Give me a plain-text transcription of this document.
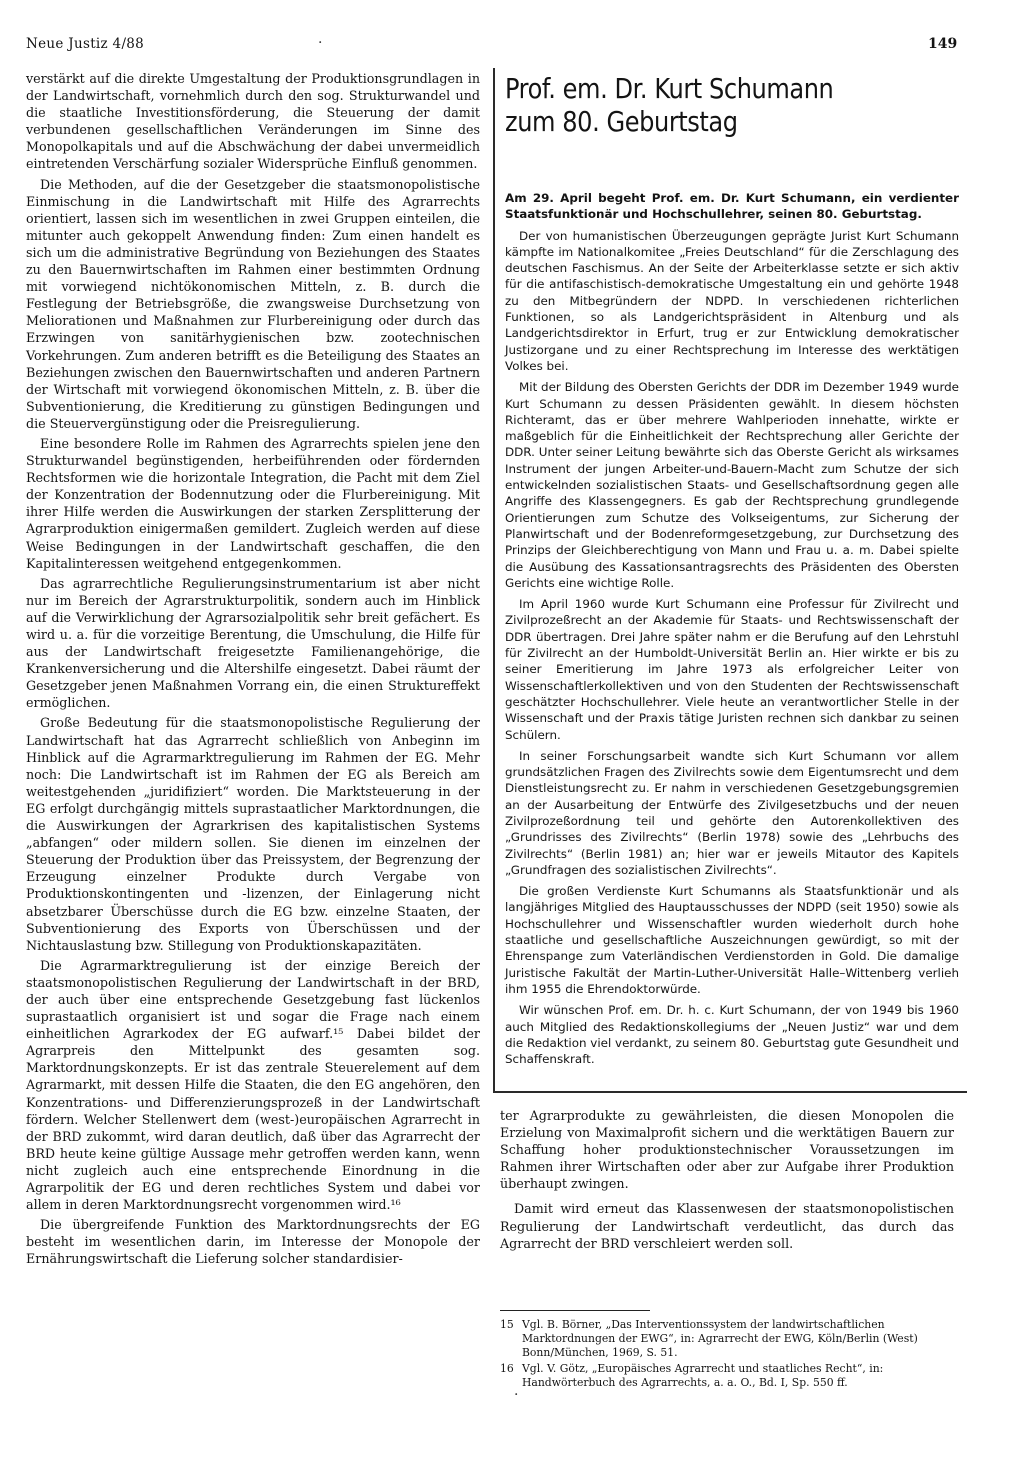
Neue Justiz 4/88	·	149

verstärkt auf die direkte Umgestaltung der Produktionsgrundlagen in der Landwirtschaft, vornehmlich durch den sog. Strukturwandel und die staatliche Investitionsförderung, die Steuerung der damit verbundenen gesellschaftlichen Veränderungen im Sinne des Monopolkapitals und auf die Abschwächung der dabei unvermeidlich eintretenden Verschärfung sozialer Widersprüche Einfluß genommen.

Die Methoden, auf die der Gesetzgeber die staatsmonopolistische Einmischung in die Landwirtschaft mit Hilfe des Agrarrechts orientiert, lassen sich im wesentlichen in zwei Gruppen einteilen, die mitunter auch gekoppelt Anwendung finden: Zum einen handelt es sich um die administrative Begründung von Beziehungen des Staates zu den Bauernwirtschaften im Rahmen einer bestimmten Ordnung mit vorwiegend nichtökonomischen Mitteln, z. B. durch die Festlegung der Betriebsgröße, die zwangsweise Durchsetzung von Meliorationen und Maßnahmen zur Flurbereinigung oder durch das Erzwingen von sanitärhygienischen bzw. zootechnischen Vorkehrungen. Zum anderen betrifft es die Beteiligung des Staates an Beziehungen zwischen den Bauernwirtschaften und anderen Partnern der Wirtschaft mit vorwiegend ökonomischen Mitteln, z. B. über die Subventionierung, die Kreditierung zu günstigen Bedingungen und die Steuervergünstigung oder die Preisregulierung.

Eine besondere Rolle im Rahmen des Agrarrechts spielen jene den Strukturwandel begünstigenden, herbeiführenden oder fördernden Rechtsformen wie die horizontale Integration, die Pacht mit dem Ziel der Konzentration der Bodennutzung oder die Flurbereinigung. Mit ihrer Hilfe werden die Auswirkungen der starken Zersplitterung der Agrarproduktion einigermaßen gemildert. Zugleich werden auf diese Weise Bedingungen in der Landwirtschaft geschaffen, die den Kapitalinteressen weitgehend entgegenkommen.

Das agrarrechtliche Regulierungsinstrumentarium ist aber nicht nur im Bereich der Agrarstrukturpolitik, sondern auch im Hinblick auf die Verwirklichung der Agrarsozialpolitik sehr breit gefächert. Es wird u. a. für die vorzeitige Berentung, die Umschulung, die Hilfe für aus der Landwirtschaft freigesetzte Familienangehörige, die Krankenversicherung und die Altershilfe eingesetzt. Dabei räumt der Gesetzgeber jenen Maßnahmen Vorrang ein, die einen Struktureffekt ermöglichen.

Große Bedeutung für die staatsmonopolistische Regulierung der Landwirtschaft hat das Agrarrecht schließlich von Anbeginn im Hinblick auf die Agrarmarktregulierung im Rahmen der EG. Mehr noch: Die Landwirtschaft ist im Rahmen der EG als Bereich am weitestgehenden „juridifiziert“ worden. Die Marktsteuerung in der EG erfolgt durchgängig mittels suprastaatlicher Marktordnungen, die die Auswirkungen der Agrarkrisen des kapitalistischen Systems „abfangen“ oder mildern sollen. Sie dienen im einzelnen der Steuerung der Produktion über das Preissystem, der Begrenzung der Erzeugung einzelner Produkte durch Vergabe von Produktionskontingenten und -lizenzen, der Einlagerung nicht absetzbarer Überschüsse durch die EG bzw. einzelne Staaten, der Subventionierung des Exports von Überschüssen und der Nichtauslastung bzw. Stillegung von Produktionskapazitäten.

Die Agrarmarktregulierung ist der einzige Bereich der staatsmonopolistischen Regulierung der Landwirtschaft in der BRD, der auch über eine entsprechende Gesetzgebung fast lückenlos suprastaatlich organisiert ist und sogar die Frage nach einem einheitlichen Agrarkodex der EG aufwarf.¹⁵ Dabei bildet der Agrarpreis den Mittelpunkt des gesamten sog. Marktordnungskonzepts. Er ist das zentrale Steuerelement auf dem Agrarmarkt, mit dessen Hilfe die Staaten, die den EG angehören, den Konzentrations- und Differenzierungsprozeß in der Landwirtschaft fördern. Welcher Stellenwert dem (west-)europäischen Agrarrecht in der BRD zukommt, wird daran deutlich, daß über das Agrarrecht der BRD heute keine gültige Aussage mehr getroffen werden kann, wenn nicht zugleich auch eine entsprechende Einordnung in die Agrarpolitik der EG und deren rechtliches System und dabei vor allem in deren Marktordnungsrecht vorgenommen wird.¹⁶

Die übergreifende Funktion des Marktordnungsrechts der EG besteht im wesentlichen darin, im Interesse der Monopole der Ernährungswirtschaft die Lieferung solcher standardisier-

Prof. em. Dr. Kurt Schumann
zum 80. Geburtstag

Am 29. April begeht Prof. em. Dr. Kurt Schumann, ein verdienter Staatsfunktionär und Hochschullehrer, seinen 80. Geburtstag.

Der von humanistischen Überzeugungen geprägte Jurist Kurt Schumann kämpfte im Nationalkomitee „Freies Deutschland“ für die Zerschlagung des deutschen Faschismus. An der Seite der Arbeiterklasse setzte er sich aktiv für die antifaschistisch-demokratische Umgestaltung ein und gehörte 1948 zu den Mitbegründern der NDPD. In verschiedenen richterlichen Funktionen, so als Landgerichtspräsident in Altenburg und als Landgerichtsdirektor in Erfurt, trug er zur Entwicklung demokratischer Justizorgane und zu einer Rechtsprechung im Interesse des werktätigen Volkes bei.

Mit der Bildung des Obersten Gerichts der DDR im Dezember 1949 wurde Kurt Schumann zu dessen Präsidenten gewählt. In diesem höchsten Richteramt, das er über mehrere Wahlperioden innehatte, wirkte er maßgeblich für die Einheitlichkeit der Rechtsprechung aller Gerichte der DDR. Unter seiner Leitung bewährte sich das Oberste Gericht als wirksames Instrument der jungen Arbeiter-und-Bauern-Macht zum Schutze der sich entwickelnden sozialistischen Staats- und Gesellschaftsordnung gegen alle Angriffe des Klassengegners. Es gab der Rechtsprechung grundlegende Orientierungen zum Schutze des Volkseigentums, zur Sicherung der Planwirtschaft und der Bodenreformgesetzgebung, zur Durchsetzung des Prinzips der Gleichberechtigung von Mann und Frau u. a. m. Dabei spielte die Ausübung des Kassationsantragsrechts des Präsidenten des Obersten Gerichts eine wichtige Rolle.

Im April 1960 wurde Kurt Schumann eine Professur für Zivilrecht und Zivilprozeßrecht an der Akademie für Staats- und Rechtswissenschaft der DDR übertragen. Drei Jahre später nahm er die Berufung auf den Lehrstuhl für Zivilrecht an der Humboldt-Universität Berlin an. Hier wirkte er bis zu seiner Emeritierung im Jahre 1973 als erfolgreicher Leiter von Wissenschaftlerkollektiven und von den Studenten der Rechtswissenschaft geschätzter Hochschullehrer. Viele heute an verantwortlicher Stelle in der Wissenschaft und der Praxis tätige Juristen rechnen sich dankbar zu seinen Schülern.

In seiner Forschungsarbeit wandte sich Kurt Schumann vor allem grundsätzlichen Fragen des Zivilrechts sowie dem Eigentumsrecht und dem Dienstleistungsrecht zu. Er nahm in verschiedenen Gesetzgebungsgremien an der Ausarbeitung der Entwürfe des Zivilgesetzbuchs und der neuen Zivilprozeßordnung teil und gehörte den Autorenkollektiven des „Grundrisses des Zivilrechts“ (Berlin 1978) sowie des „Lehrbuchs des Zivilrechts“ (Berlin 1981) an; hier war er jeweils Mitautor des Kapitels „Grundfragen des sozialistischen Zivilrechts“.

Die großen Verdienste Kurt Schumanns als Staatsfunktionär und als langjähriges Mitglied des Hauptausschusses der NDPD (seit 1950) sowie als Hochschullehrer und Wissenschaftler wurden wiederholt durch hohe staatliche und gesellschaftliche Auszeichnungen gewürdigt, so mit der Ehrenspange zum Vaterländischen Verdienstorden in Gold. Die damalige Juristische Fakultät der Martin-Luther-Universität Halle–Wittenberg verlieh ihm 1955 die Ehrendoktorwürde.

Wir wünschen Prof. em. Dr. h. c. Kurt Schumann, der von 1949 bis 1960 auch Mitglied des Redaktionskollegiums der „Neuen Justiz“ war und dem die Redaktion viel verdankt, zu seinem 80. Geburtstag gute Gesundheit und Schaffenskraft.

ter Agrarprodukte zu gewährleisten, die diesen Monopolen die Erzielung von Maximalprofit sichern und die werktätigen Bauern zur Schaffung hoher produktionstechnischer Voraussetzungen im Rahmen ihrer Wirtschaften oder aber zur Aufgabe ihrer Produktion überhaupt zwingen.

Damit wird erneut das Klassenwesen der staatsmonopolistischen Regulierung der Landwirtschaft verdeutlicht, das durch das Agrarrecht der BRD verschleiert werden soll.

15 Vgl. B. Börner, „Das Interventionssystem der landwirtschaftlichen Marktordnungen der EWG“, in: Agrarrecht der EWG, Köln/Berlin (West) Bonn/München, 1969, S. 51.
16 Vgl. V. Götz, „Europäisches Agrarrecht und staatliches Recht“, in: Handwörterbuch des Agrarrechts, a. a. O., Bd. I, Sp. 550 ff.
·
